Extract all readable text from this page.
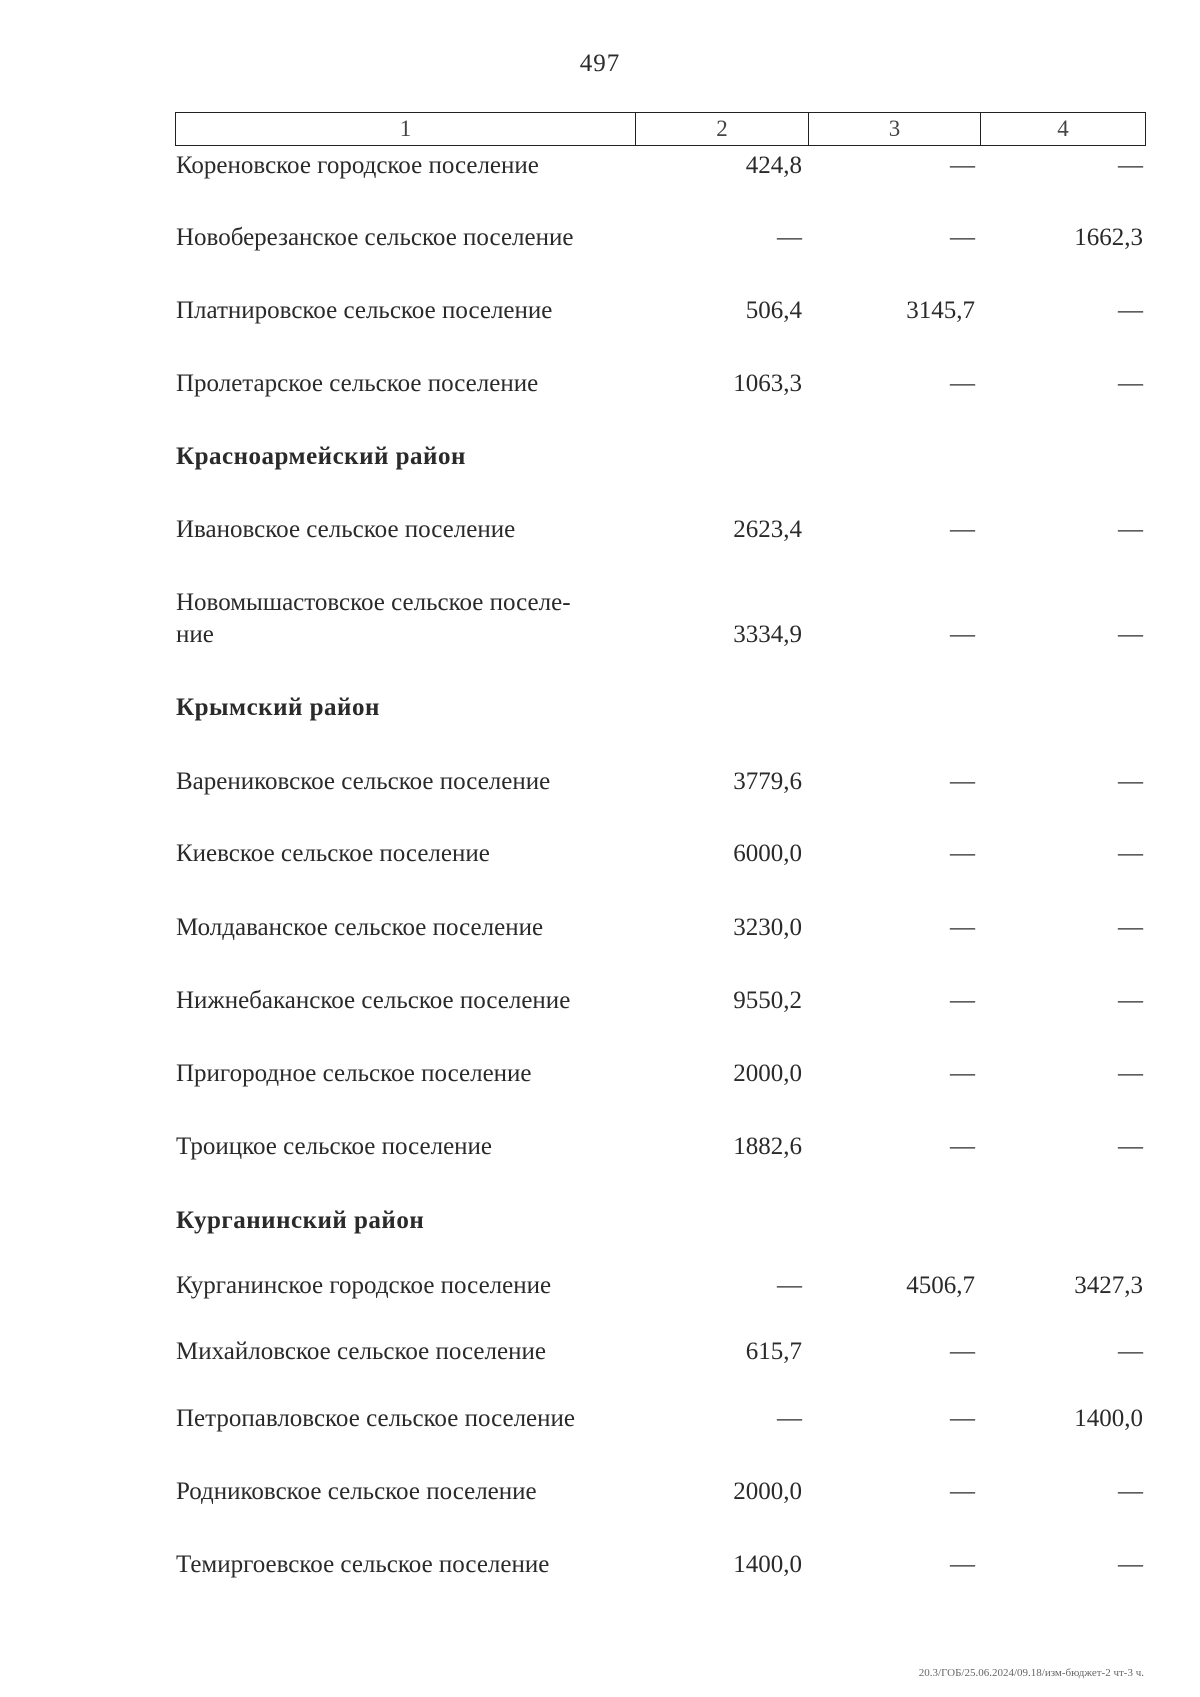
497
1	2	3	4
Кореновское городское поселение	424,8	—	—
Новоберезанское сельское поселение	—	—	1662,3
Платнировское сельское поселение	506,4	3145,7	—
Пролетарское сельское поселение	1063,3	—	—
Красноармейский район
Ивановское сельское поселение	2623,4	—	—
Новомышастовское сельское поселе-
ние	3334,9	—	—
Крымский район
Варениковское сельское поселение	3779,6	—	—
Киевское сельское поселение	6000,0	—	—
Молдаванское сельское поселение	3230,0	—	—
Нижнебаканское сельское поселение	9550,2	—	—
Пригородное сельское поселение	2000,0	—	—
Троицкое сельское поселение	1882,6	—	—
Курганинский район
Курганинское городское поселение	—	4506,7	3427,3
Михайловское сельское поселение	615,7	—	—
Петропавловское сельское поселение	—	—	1400,0
Родниковское сельское поселение	2000,0	—	—
Темиргоевское сельское поселение	1400,0	—	—
20.3/ГОБ/25.06.2024/09.18/изм-бюджет-2 чт-3 ч.
